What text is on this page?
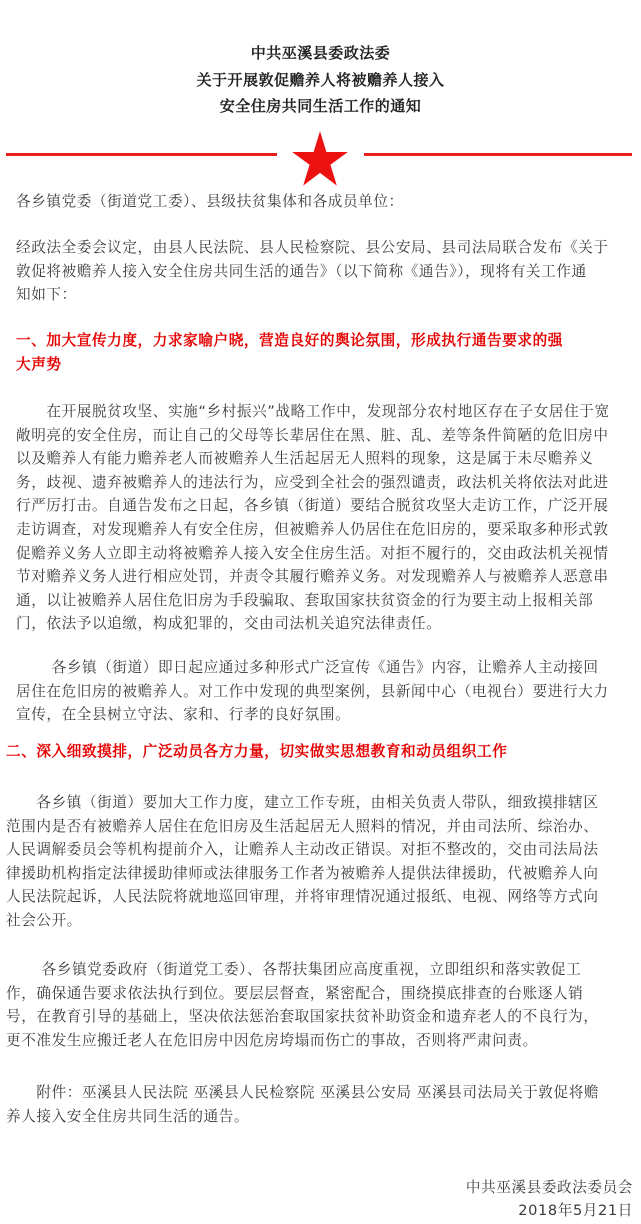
中共巫溪县委政法委
关于开展敦促赡养人将被赡养人接入
安全住房共同生活工作的通知
各乡镇党委（街道党工委）、县级扶贫集体和各成员单位：
经政法全委会议定，由县人民法院、县人民检察院、县公安局、县司法局联合发布《关于
敦促将被赡养人接入安全住房共同生活的通告》（以下简称《通告》），现将有关工作通
知如下：
一、加大宣传力度，力求家喻户晓，营造良好的舆论氛围，形成执行通告要求的强
大声势
　　在开展脱贫攻坚、实施“乡村振兴”战略工作中，发现部分农村地区存在子女居住于宽
敞明亮的安全住房，而让自己的父母等长辈居住在黑、脏、乱、差等条件简陋的危旧房中
以及赡养人有能力赡养老人而被赡养人生活起居无人照料的现象，这是属于未尽赡养义
务，歧视、遗弃被赡养人的违法行为，应受到全社会的强烈谴责，政法机关将依法对此进
行严厉打击。自通告发布之日起，各乡镇（街道）要结合脱贫攻坚大走访工作，广泛开展
走访调查，对发现赡养人有安全住房，但被赡养人仍居住在危旧房的，要采取多种形式敦
促赡养义务人立即主动将被赡养人接入安全住房生活。对拒不履行的，交由政法机关视情
节对赡养义务人进行相应处罚，并责令其履行赡养义务。对发现赡养人与被赡养人恶意串
通，以让被赡养人居住危旧房为手段骗取、套取国家扶贫资金的行为要主动上报相关部
门，依法予以追缴，构成犯罪的，交由司法机关追究法律责任。
　　 各乡镇（街道）即日起应通过多种形式广泛宣传《通告》内容，让赡养人主动接回
居住在危旧房的被赡养人。对工作中发现的典型案例，县新闻中心（电视台）要进行大力
宣传，在全县树立守法、家和、行孝的良好氛围。
二、深入细致摸排，广泛动员各方力量，切实做实思想教育和动员组织工作
　　各乡镇（街道）要加大工作力度，建立工作专班，由相关负责人带队，细致摸排辖区
范围内是否有被赡养人居住在危旧房及生活起居无人照料的情况，并由司法所、综治办、
人民调解委员会等机构提前介入，让赡养人主动改正错误。对拒不整改的，交由司法局法
律援助机构指定法律援助律师或法律服务工作者为被赡养人提供法律援助，代被赡养人向
人民法院起诉，人民法院将就地巡回审理，并将审理情况通过报纸、电视、网络等方式向
社会公开。
　　 各乡镇党委政府（街道党工委）、各帮扶集团应高度重视，立即组织和落实敦促工
作，确保通告要求依法执行到位。要层层督查，紧密配合，围绕摸底排查的台账逐人销
号，在教育引导的基础上，坚决依法惩治套取国家扶贫补助资金和遗弃老人的不良行为，
更不准发生应搬迁老人在危旧房中因危房垮塌而伤亡的事故，否则将严肃问责。
　　附件：巫溪县人民法院 巫溪县人民检察院 巫溪县公安局 巫溪县司法局关于敦促将赡
养人接入安全住房共同生活的通告。
中共巫溪县委政法委员会
2018年5月21日
